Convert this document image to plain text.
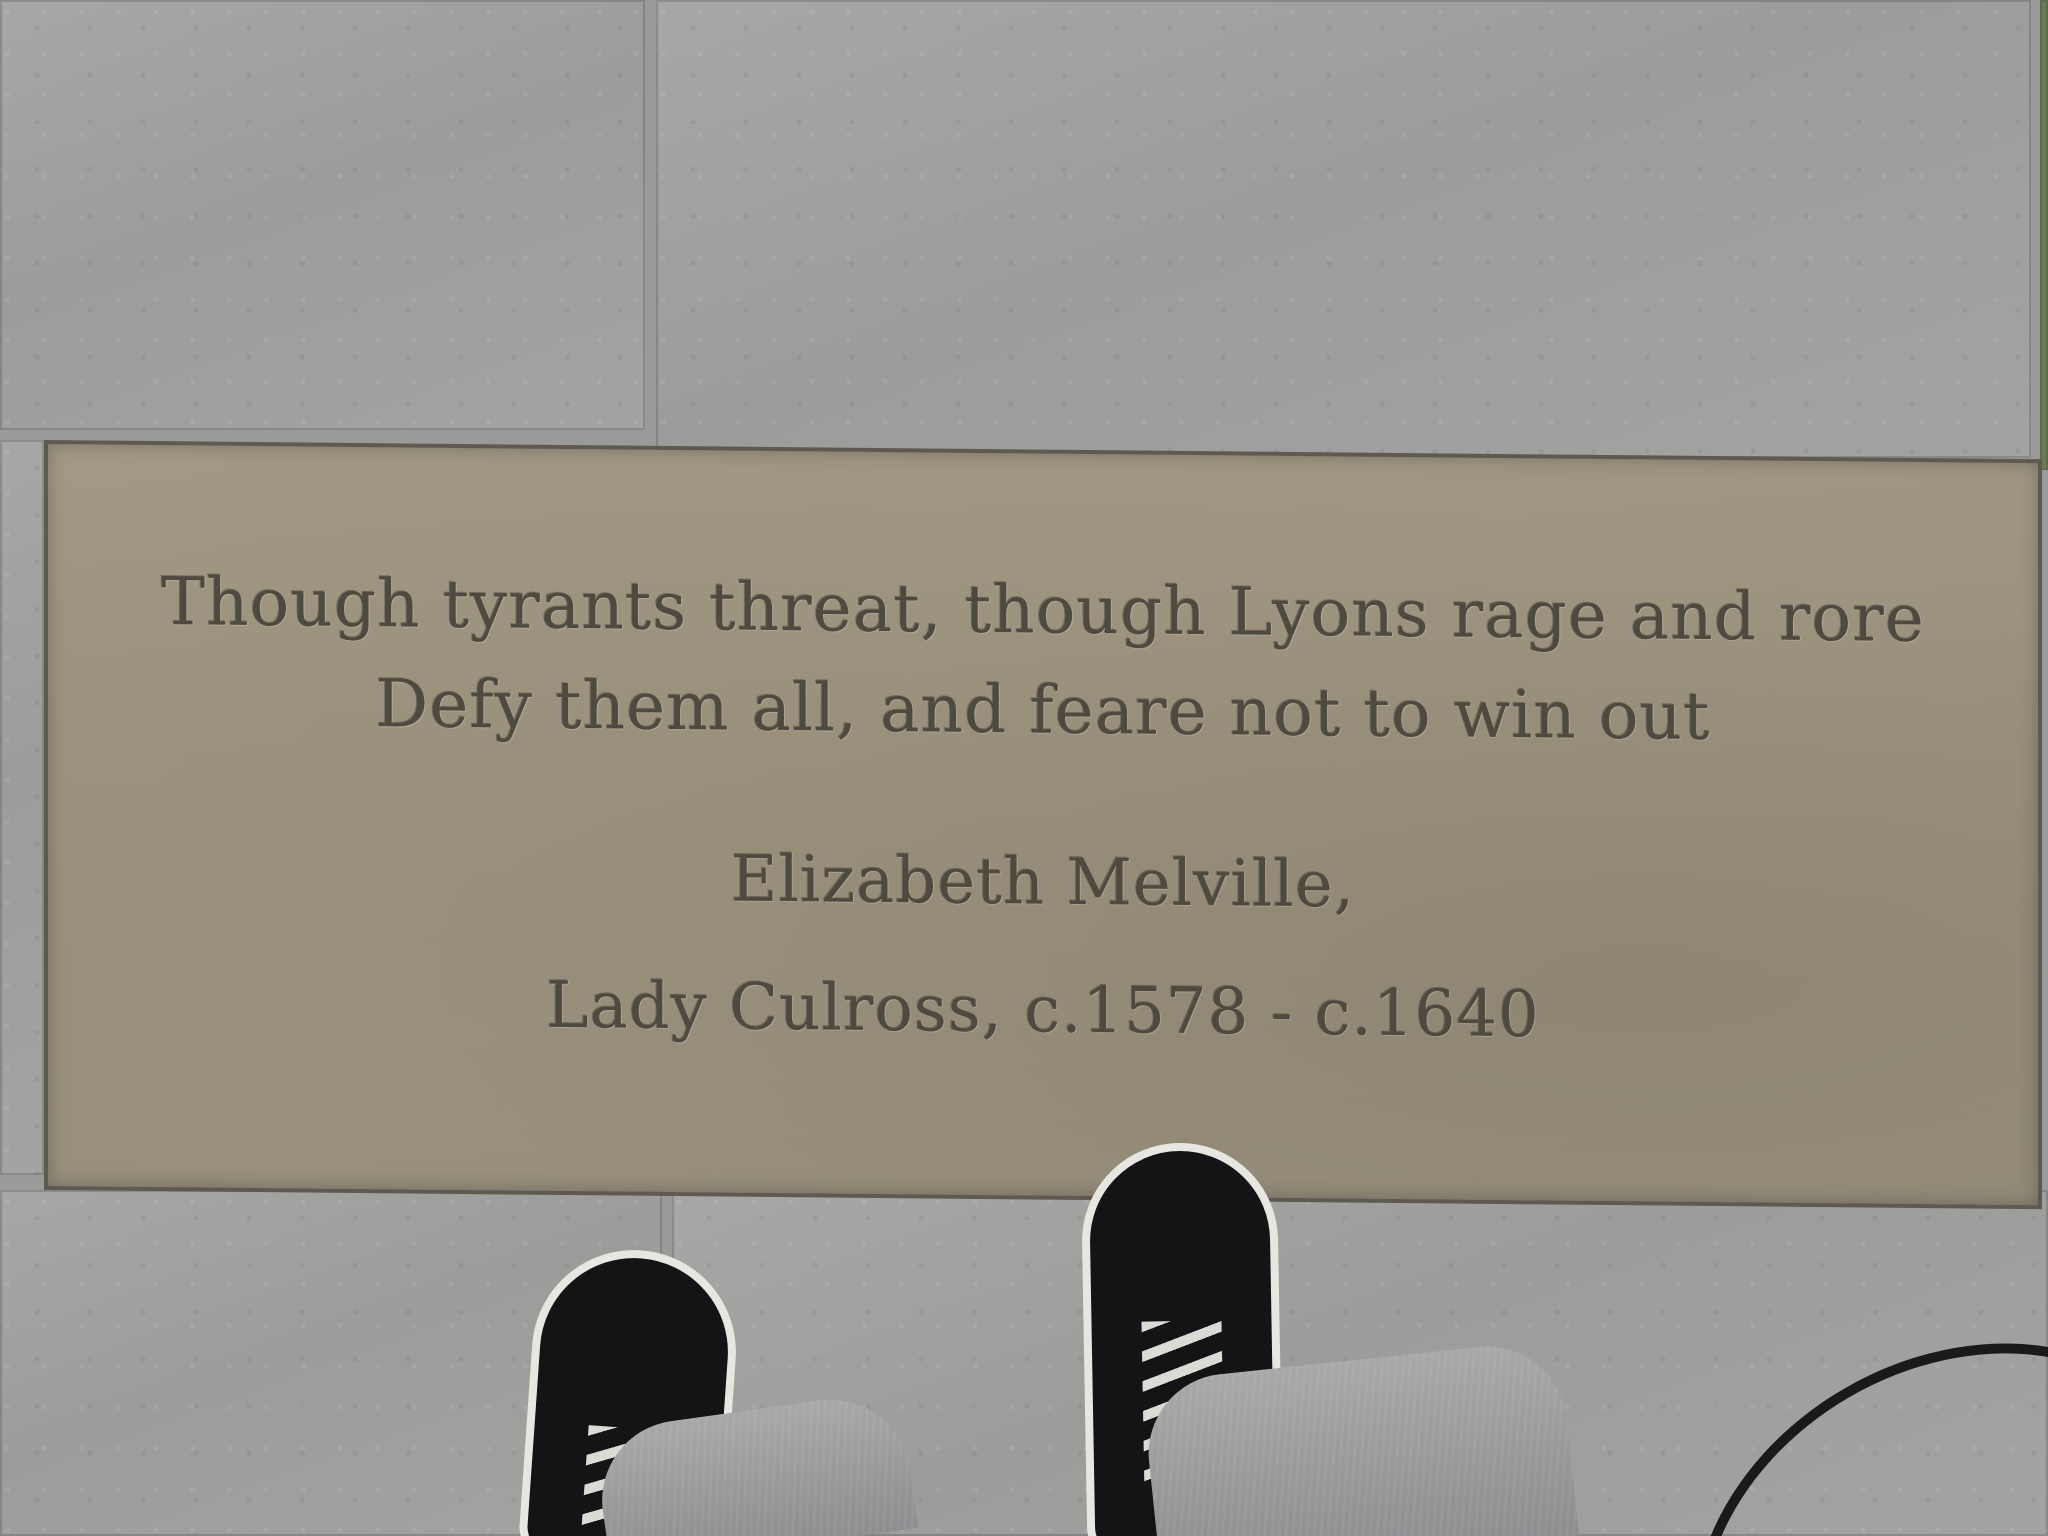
Though tyrants threat, though Lyons rage and rore
Defy them all, and feare not to win out
Elizabeth Melville,
Lady Culross, c.1578 - c.1640
